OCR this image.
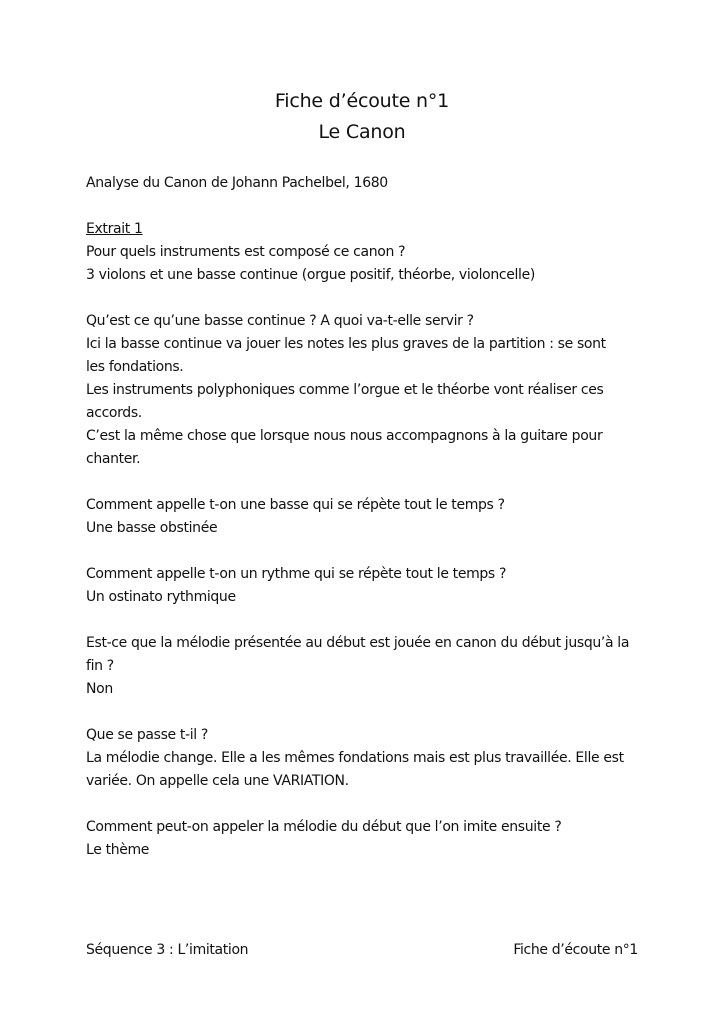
Fiche d’écoute n°1
Le Canon

Analyse du Canon de Johann Pachelbel, 1680

Extrait 1
Pour quels instruments est composé ce canon ?
3 violons et une basse continue (orgue positif, théorbe, violoncelle)
Qu’est ce qu’une basse continue ? A quoi va-t-elle servir ?
Ici la basse continue va jouer les notes les plus graves de la partition : se sont
les fondations.
Les instruments polyphoniques comme l’orgue et le théorbe vont réaliser ces
accords.
C’est la même chose que lorsque nous nous accompagnons à la guitare pour
chanter.
Comment appelle t-on une basse qui se répète tout le temps ?
Une basse obstinée
Comment appelle t-on un rythme qui se répète tout le temps ?
Un ostinato rythmique
Est-ce que la mélodie présentée au début est jouée en canon du début jusqu’à la
fin ?
Non
Que se passe t-il ?
La mélodie change. Elle a les mêmes fondations mais est plus travaillée. Elle est
variée. On appelle cela une VARIATION.
Comment peut-on appeler la mélodie du début que l’on imite ensuite ?
Le thème
Séquence 3 : L’imitation	Fiche d’écoute n°1
